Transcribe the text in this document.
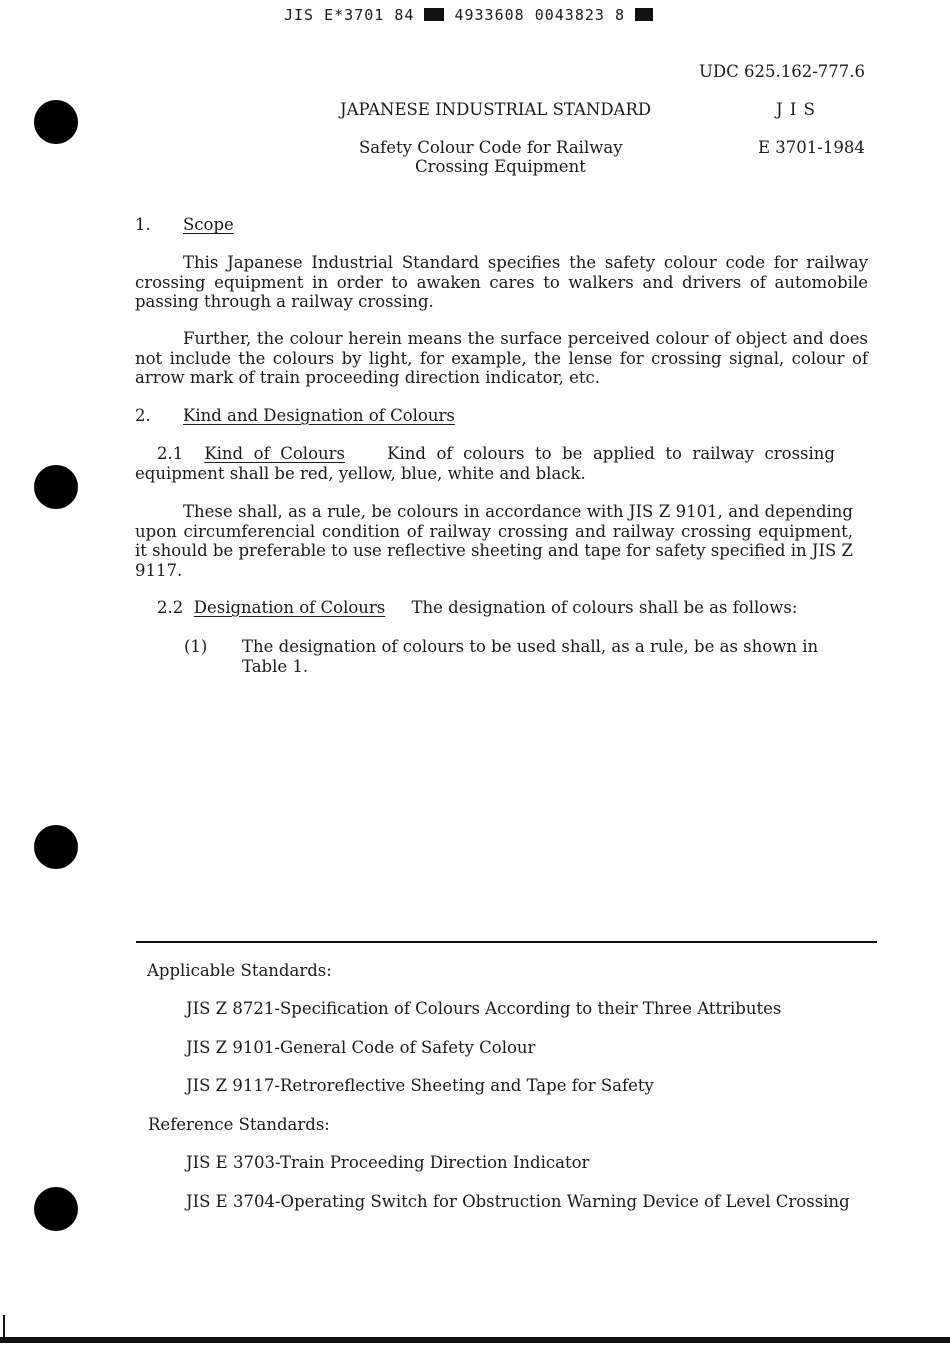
JIS E*3701 84	4933608 0043823 8
UDC 625.162-777.6
JAPANESE INDUSTRIAL STANDARD	J I S
Safety Colour Code for Railway
Crossing Equipment
E 3701-1984
1. Scope

This Japanese Industrial Standard specifies the safety colour code for railway crossing equipment in order to awaken cares to walkers and drivers of automobile passing through a railway crossing.

Further, the colour herein means the surface perceived colour of object and does not include the colours by light, for example, the lense for crossing signal, colour of arrow mark of train proceeding direction indicator, etc.

2. Kind and Designation of Colours

2.1 Kind of Colours	Kind of colours to be applied to railway crossing equipment shall be red, yellow, blue, white and black.

These shall, as a rule, be colours in accordance with JIS Z 9101, and depending upon circumferencial condition of railway crossing and railway crossing equipment, it should be preferable to use reflective sheeting and tape for safety specified in JIS Z 9117.

2.2 Designation of Colours The designation of colours shall be as follows:
(1) The designation of colours to be used shall, as a rule, be as shown in
Table 1.
Applicable Standards:
JIS Z 8721-Specification of Colours According to their Three Attributes
JIS Z 9101-General Code of Safety Colour
JIS Z 9117-Retroreflective Sheeting and Tape for Safety
Reference Standards:
JIS E 3703-Train Proceeding Direction Indicator
JIS E 3704-Operating Switch for Obstruction Warning Device of Level Crossing
